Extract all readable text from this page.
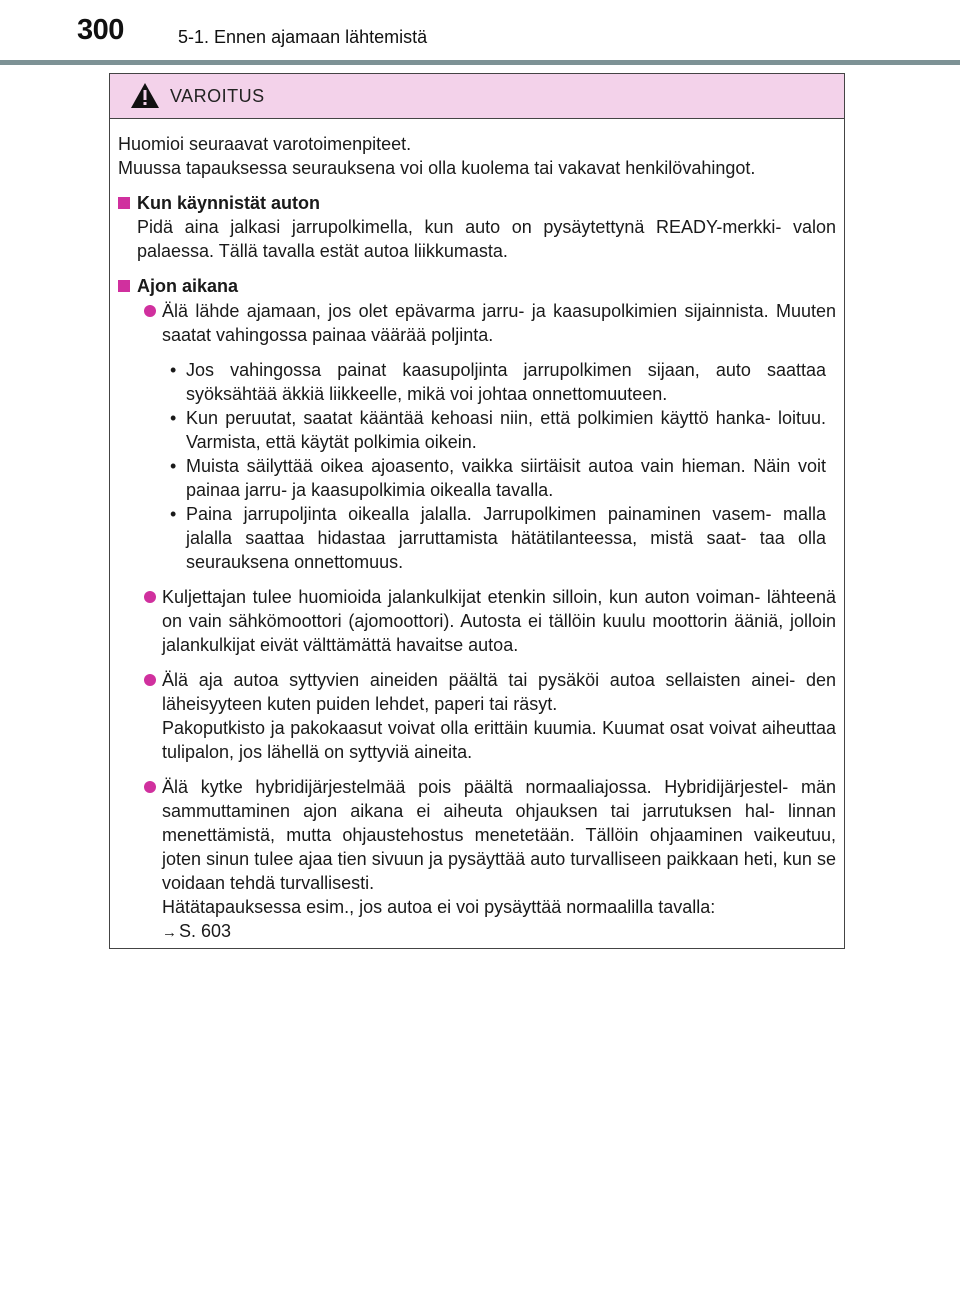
300	5-1. Ennen ajamaan lähtemistä
VAROITUS

Huomioi seuraavat varotoimenpiteet.

Muussa tapauksessa seurauksena voi olla kuolema tai vakavat henkilövahingot.

Kun käynnistät auton

Pidä aina jalkasi jarrupolkimella, kun auto on pysäytettynä READY-merkki- valon palaessa. Tällä tavalla estät autoa liikkumasta.

Ajon aikana

Älä lähde ajamaan, jos olet epävarma jarru- ja kaasupolkimien sijainnista. Muuten saatat vahingossa painaa väärää poljinta.

• Jos vahingossa painat kaasupoljinta jarrupolkimen sijaan, auto saattaa syöksähtää äkkiä liikkeelle, mikä voi johtaa onnettomuuteen.
• Kun peruutat, saatat kääntää kehoasi niin, että polkimien käyttö hanka- loituu. Varmista, että käytät polkimia oikein.
• Muista säilyttää oikea ajoasento, vaikka siirtäisit autoa vain hieman. Näin voit painaa jarru- ja kaasupolkimia oikealla tavalla.
• Paina jarrupoljinta oikealla jalalla. Jarrupolkimen painaminen vasem- malla jalalla saattaa hidastaa jarruttamista hätätilanteessa, mistä saat- taa olla seurauksena onnettomuus.

Kuljettajan tulee huomioida jalankulkijat etenkin silloin, kun auton voiman- lähteenä on vain sähkömoottori (ajomoottori). Autosta ei tällöin kuulu moottorin ääniä, jolloin jalankulkijat eivät välttämättä havaitse autoa.

Älä aja autoa syttyvien aineiden päältä tai pysäköi autoa sellaisten ainei- den läheisyyteen kuten puiden lehdet, paperi tai räsyt.

Pakoputkisto ja pakokaasut voivat olla erittäin kuumia. Kuumat osat voivat aiheuttaa tulipalon, jos lähellä on syttyviä aineita.

Älä kytke hybridijärjestelmää pois päältä normaaliajossa. Hybridijärjestel- män sammuttaminen ajon aikana ei aiheuta ohjauksen tai jarrutuksen hal- linnan menettämistä, mutta ohjaustehostus menetetään. Tällöin ohjaaminen vaikeutuu, joten sinun tulee ajaa tien sivuun ja pysäyttää auto turvalliseen paikkaan heti, kun se voidaan tehdä turvallisesti.

Hätätapauksessa esim., jos autoa ei voi pysäyttää normaalilla tavalla:

→ S. 603
